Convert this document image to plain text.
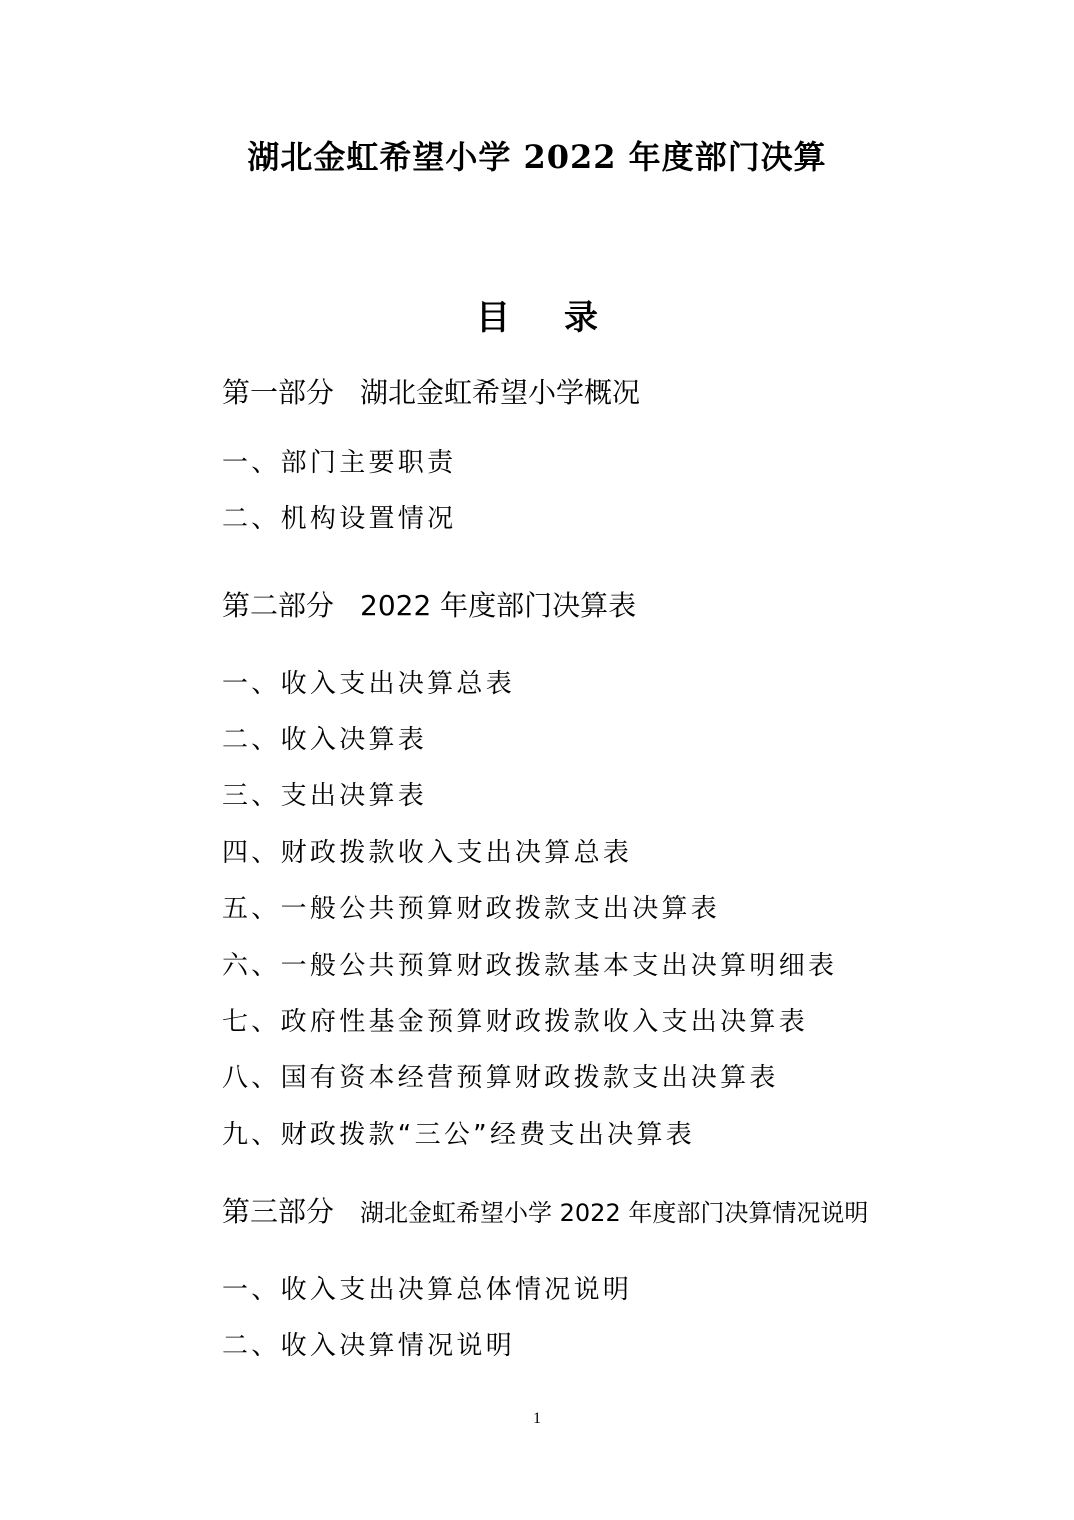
湖北金虹希望小学 2022 年度部门决算
目录
第一部分 湖北金虹希望小学概况
一、部门主要职责
二、机构设置情况
第二部分 2022 年度部门决算表
一、收入支出决算总表
二、收入决算表
三、支出决算表
四、财政拨款收入支出决算总表
五、一般公共预算财政拨款支出决算表
六、一般公共预算财政拨款基本支出决算明细表
七、政府性基金预算财政拨款收入支出决算表
八、国有资本经营预算财政拨款支出决算表
九、财政拨款“三公”经费支出决算表
第三部分 湖北金虹希望小学 2022 年度部门决算情况说明
一、收入支出决算总体情况说明
二、收入决算情况说明
1
